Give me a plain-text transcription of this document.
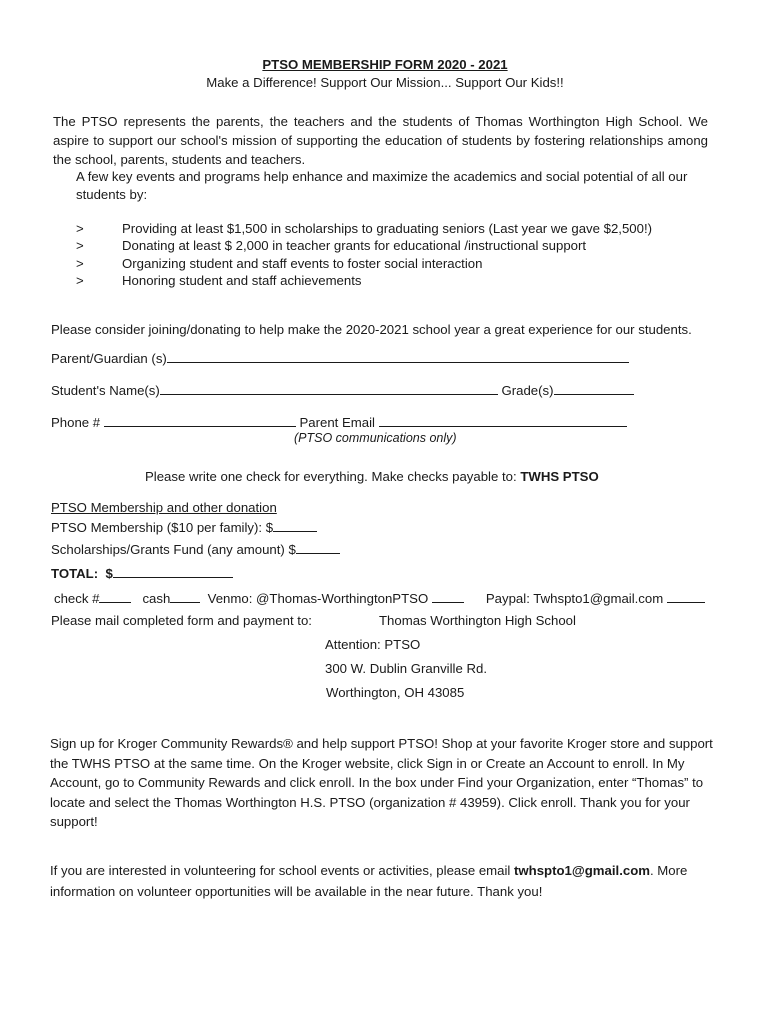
PTSO MEMBERSHIP FORM 2020 - 2021
Make a Difference! Support Our Mission... Support Our Kids!!

The PTSO represents the parents, the teachers and the students of Thomas Worthington High School. We aspire to support our school's mission of supporting the education of students by fostering relationships among the school, parents, students and teachers.

A few key events and programs help enhance and maximize the academics and social potential of all our
students by:
>	Providing at least $1,500 in scholarships to graduating seniors (Last year we gave $2,500!)
>	Donating at least $ 2,000 in teacher grants for educational /instructional support
>	Organizing student and staff events to foster social interaction
>	Honoring student and staff achievements
Please consider joining/donating to help make the 2020-2021 school year a great experience for our students.
Parent/Guardian (s)
Student's Name(s)	Grade(s)
Phone #	Parent Email
(PTSO communications only)
Please write one check for everything. Make checks payable to: TWHS PTSO
PTSO Membership and other donation
PTSO Membership ($10 per family): $
Scholarships/Grants Fund (any amount) $
TOTAL: $
check #	cash	Venmo: @Thomas-WorthingtonPTSO	Paypal: Twhspto1@gmail.com
Please mail completed form and payment to:	Thomas Worthington High School
Attention: PTSO
300 W. Dublin Granville Rd.
Worthington, OH 43085

Sign up for Kroger Community Rewards® and help support PTSO! Shop at your favorite Kroger store and support the TWHS PTSO at the same time. On the Kroger website, click Sign in or Create an Account to enroll. In My Account, go to Community Rewards and click enroll. In the box under Find your Organization, enter “Thomas” to locate and select the Thomas Worthington H.S. PTSO (organization # 43959). Click enroll. Thank you for your support!

If you are interested in volunteering for school events or activities, please email twhspto1@gmail.com. More information on volunteer opportunities will be available in the near future. Thank you!
